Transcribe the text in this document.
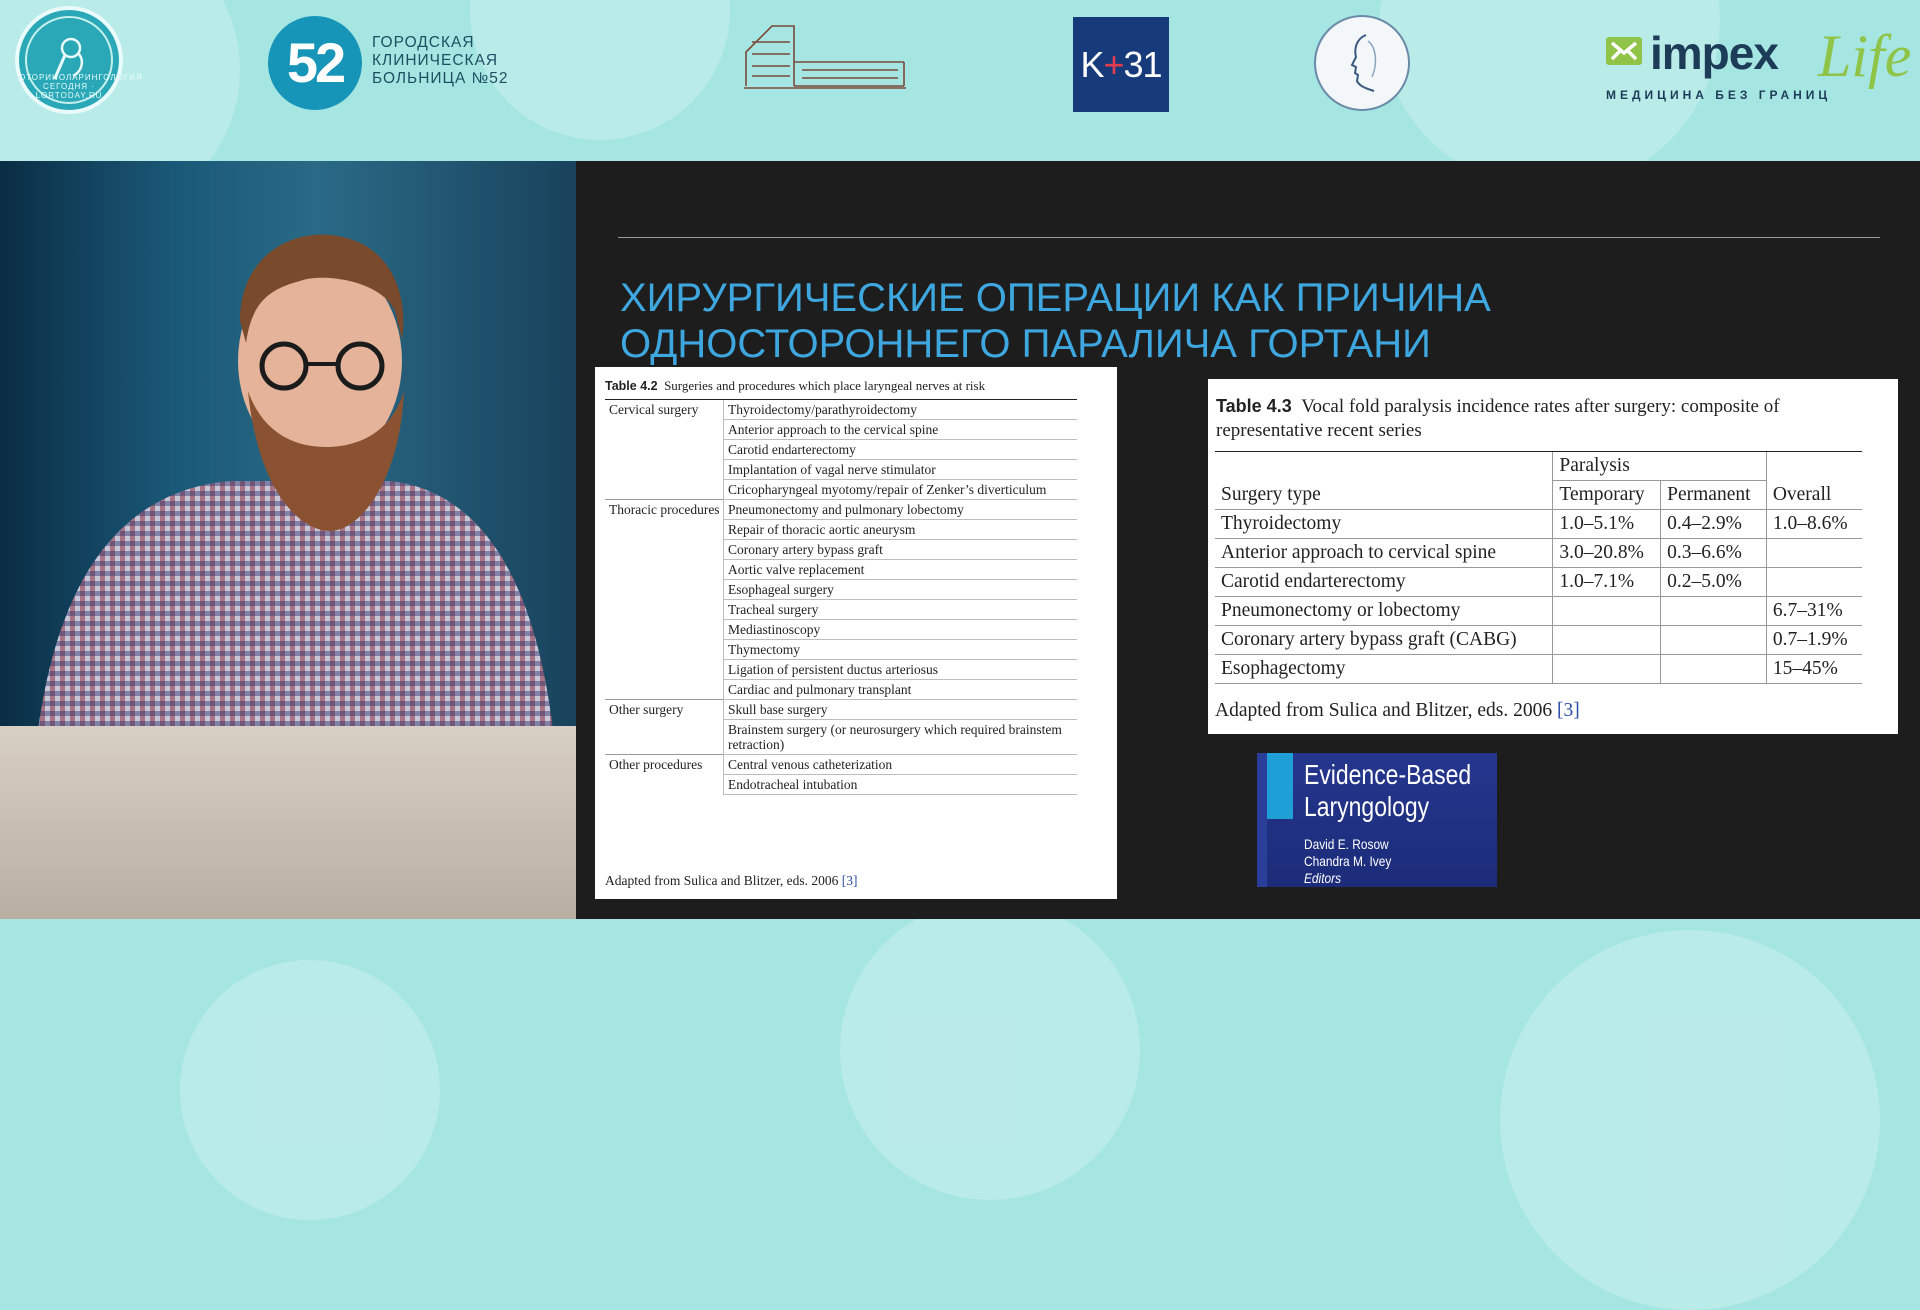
ОТОРИНОЛАРИНГОЛОГИЯ СЕГОДНЯ · LORTODAY.RU
52	ГОРОДСКАЯ
КЛИНИЧЕСКАЯ
БОЛЬНИЦА №52	K+31	impex Life
МЕДИЦИНА БЕЗ ГРАНИЦ
ХИРУРГИЧЕСКИЕ ОПЕРАЦИИ КАК ПРИЧИНА ОДНОСТОРОННЕГО ПАРАЛИЧА ГОРТАНИ
Table 4.2 Surgeries and procedures which place laryngeal nerves at risk
Cervical surgery	Thyroidectomy/parathyroidectomy
	Anterior approach to the cervical spine
	Carotid endarterectomy
	Implantation of vagal nerve stimulator
	Cricopharyngeal myotomy/repair of Zenker’s diverticulum
Thoracic procedures	Pneumonectomy and pulmonary lobectomy
	Repair of thoracic aortic aneurysm
	Coronary artery bypass graft
	Aortic valve replacement
	Esophageal surgery
	Tracheal surgery
	Mediastinoscopy
	Thymectomy
	Ligation of persistent ductus arteriosus
	Cardiac and pulmonary transplant
Other surgery	Skull base surgery
	Brainstem surgery (or neurosurgery which required brainstem retraction)
Other procedures	Central venous catheterization
	Endotracheal intubation
Adapted from Sulica and Blitzer, eds. 2006 [3]
Table 4.3 Vocal fold paralysis incidence rates after surgery: composite of representative recent series
	Paralysis		
Surgery type	Temporary	Permanent	Overall
Thyroidectomy	1.0–5.1%	0.4–2.9%	1.0–8.6%
Anterior approach to cervical spine	3.0–20.8%	0.3–6.6%	
Carotid endarterectomy	1.0–7.1%	0.2–5.0%	
Pneumonectomy or lobectomy			6.7–31%
Coronary artery bypass graft (CABG)			0.7–1.9%
Esophagectomy			15–45%
Adapted from Sulica and Blitzer, eds. 2006 [3]
Evidence-Based
Laryngology
David E. Rosow
Chandra M. Ivey
Editors
